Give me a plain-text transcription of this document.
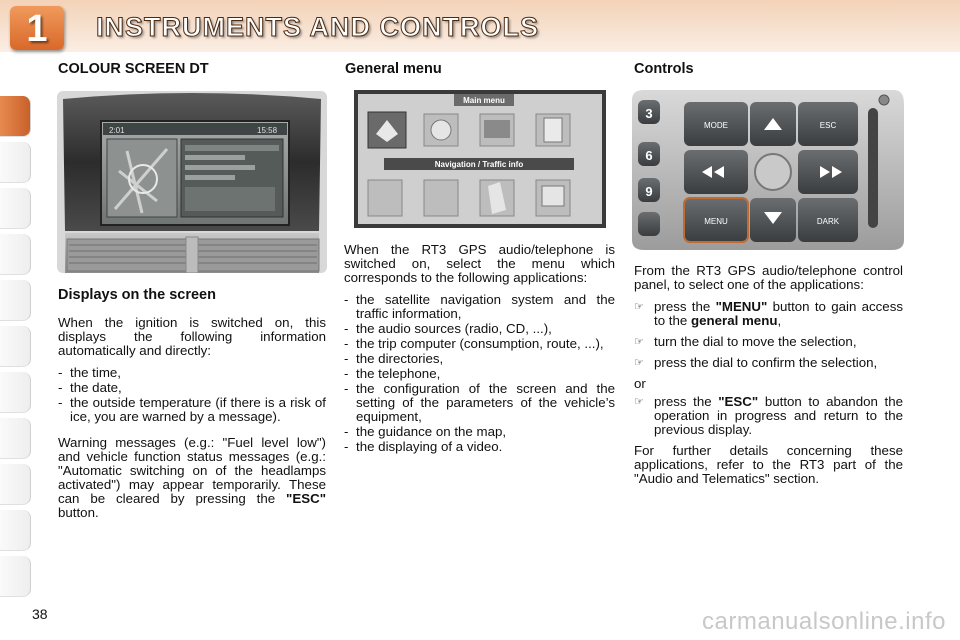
1	INSTRUMENTS AND CONTROLS
COLOUR SCREEN DT
2:01	15:58
Displays on the screen

When the ignition is switched on, this displays the following information automatically and directly:

- the time,
- the date,
- the outside temperature (if there is a risk of ice, you are warned by a message).

Warning messages (e.g.: "Fuel level low") and vehicle function status messages (e.g.: "Automatic switching on of the headlamps activated") may appear temporarily. These can be cleared by pressing the "ESC" button.

General menu
Main menu
Navigation / Traffic info

When the RT3 GPS audio/telephone is switched on, select the menu which corresponds to the following applications:

- the satellite navigation system and the traffic information,
- the audio sources (radio, CD, ...),
- the trip computer (consumption, route, ...),
- the directories,
- the telephone,
- the configuration of the screen and the setting of the parameters of the vehicle’s equipment,
- the guidance on the map,
- the displaying of a video.
Controls
3
6
9
MODE	ESC
MENU	DARK

From the RT3 GPS audio/telephone control panel, to select one of the applications:

☞ press the "MENU" button to gain access to the general menu,
☞ turn the dial to move the selection,
☞ press the dial to confirm the selection,

or

☞ press the "ESC" button to abandon the operation in progress and return to the previous display.

For further details concerning these applications, refer to the RT3 part of the "Audio and Telematics" section.

38	carmanualsonline.info
